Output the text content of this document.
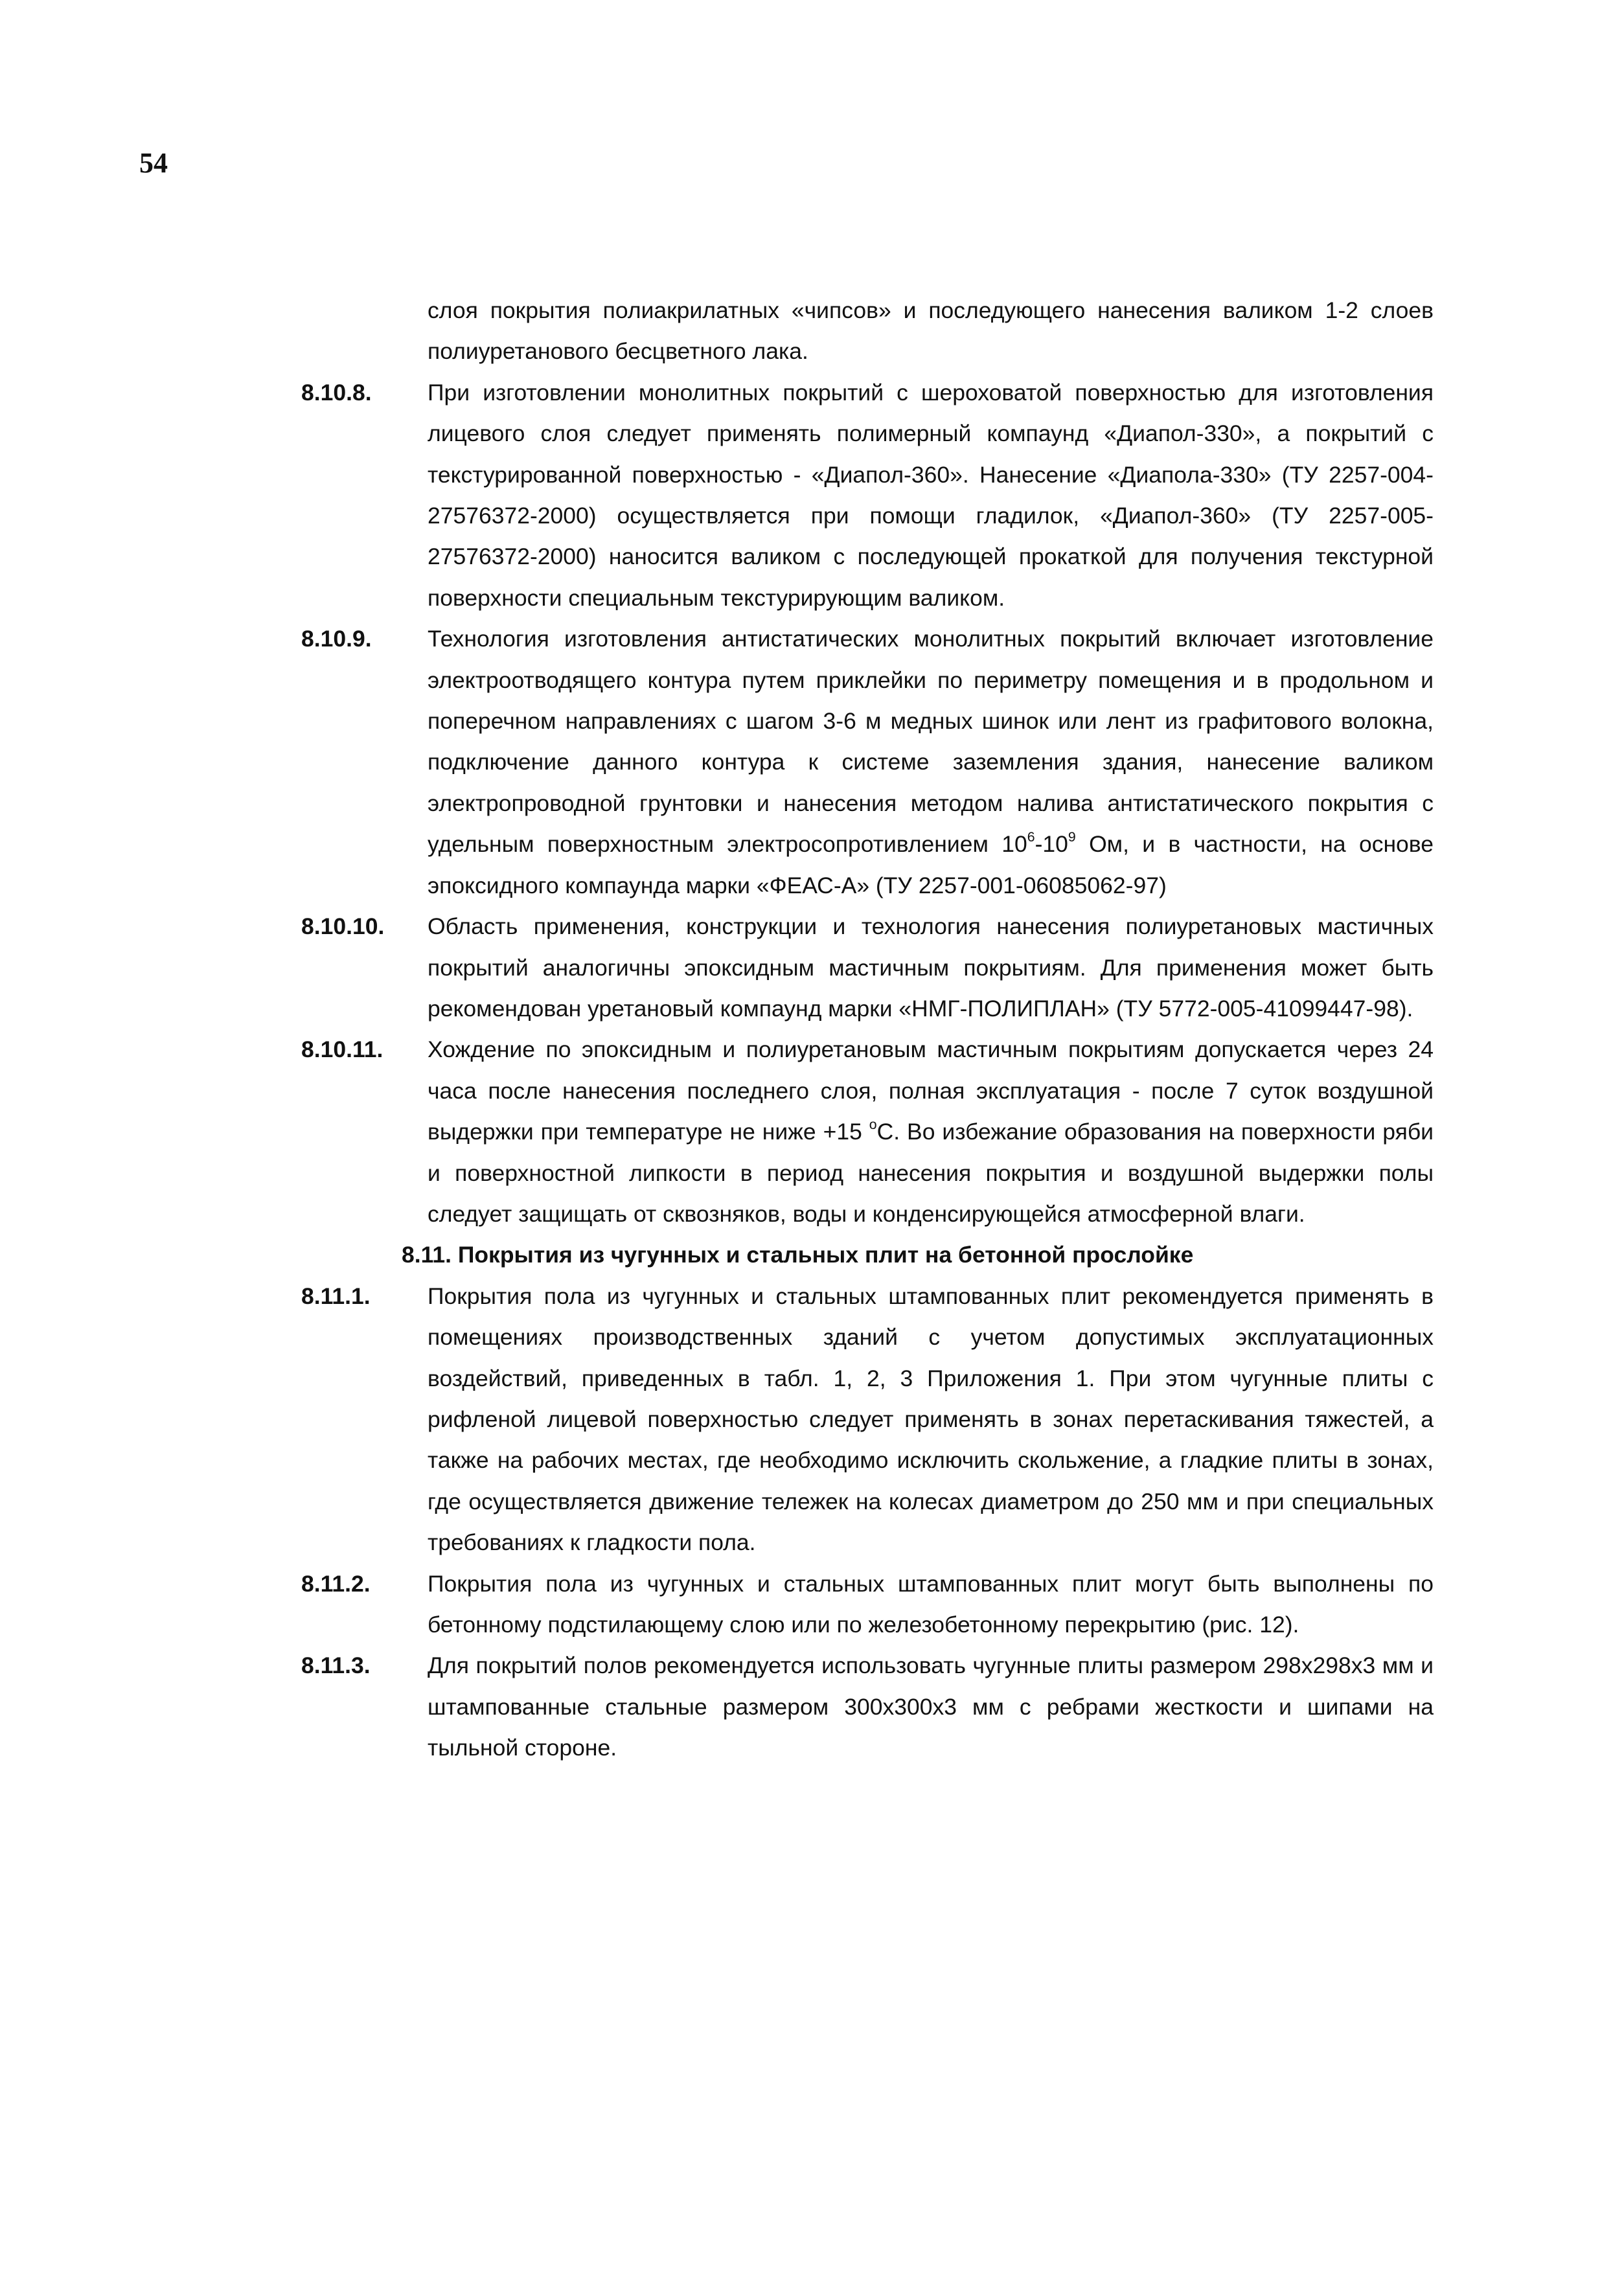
54
слоя покрытия полиакрилатных «чипсов» и последующего нанесения валиком 1-2 слоев полиуретанового бесцветного лака.
8.10.8.	При изготовлении монолитных покрытий с шероховатой поверхностью для изготовления лицевого слоя следует применять полимерный компаунд «Диапол-330», а покрытий с текстурированной поверхностью - «Диапол-360». Нанесение «Диапола-330» (ТУ 2257-004-27576372-2000) осуществляется при помощи гладилок, «Диапол-360» (ТУ 2257-005-27576372-2000) наносится валиком с последующей прокаткой для получения текстурной поверхности специальным текстурирующим валиком.
8.10.9.	Технология изготовления антистатических монолитных покрытий включает изготовление электроотводящего контура путем приклейки по периметру помещения и в продольном и поперечном направлениях с шагом 3-6 м медных шинок или лент из графитового волокна, подключение данного контура к системе заземления здания, нанесение валиком электропроводной грунтовки и нанесения методом налива антистатического покрытия с удельным поверхностным электросопротивлением $10^6-10^9$ Ом, и в частности, на основе эпоксидного компаунда марки «ФЕАС-А» (ТУ 2257-001-06085062-97)
8.10.10.	Область применения, конструкции и технология нанесения полиуретановых мастичных покрытий аналогичны эпоксидным мастичным покрытиям. Для применения может быть рекомендован уретановый компаунд марки «НМГ-ПОЛИПЛАН» (ТУ 5772-005-41099447-98).
8.10.11.	Хождение по эпоксидным и полиуретановым мастичным покрытиям допускается через 24 часа после нанесения последнего слоя, полная эксплуатация - после 7 суток воздушной выдержки при температуре не ниже +15 $^o$С. Во избежание образования на поверхности ряби и поверхностной липкости в период нанесения покрытия и воздушной выдержки полы следует защищать от сквозняков, воды и конденсирующейся атмосферной влаги.
8.11. Покрытия из чугунных и стальных плит на бетонной прослойке
8.11.1.	Покрытия пола из чугунных и стальных штампованных плит рекомендуется применять в помещениях производственных зданий с учетом допустимых эксплуатационных воздействий, приведенных в табл. 1, 2, 3 Приложения 1. При этом чугунные плиты с рифленой лицевой поверхностью следует применять в зонах перетаскивания тяжестей, а также на рабочих местах, где необходимо исключить скольжение, а гладкие плиты в зонах, где осуществляется движение тележек на колесах диаметром до 250 мм и при специальных требованиях к гладкости пола.
8.11.2.	Покрытия пола из чугунных и стальных штампованных плит могут быть выполнены по бетонному подстилающему слою или по железобетонному перекрытию (рис. 12).
8.11.3.	Для покрытий полов рекомендуется использовать чугунные плиты размером 298х298х3 мм и штампованные стальные размером 300х300х3 мм с ребрами жесткости и шипами на тыльной стороне.
